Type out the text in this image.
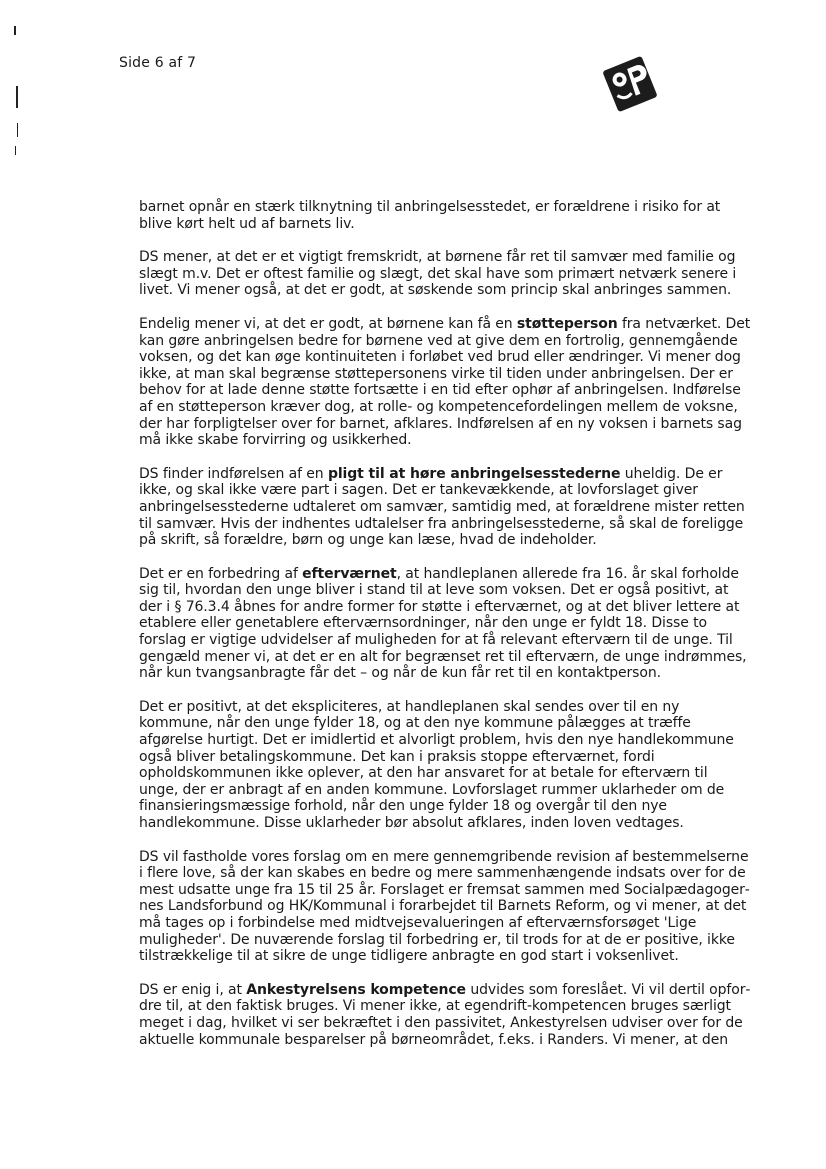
Side 6 af 7

barnet opnår en stærk tilknytning til anbringelsesstedet, er forældrene i risiko for at blive kørt helt ud af barnets liv.

DS mener, at det er et vigtigt fremskridt, at børnene får ret til samvær med familie og slægt m.v. Det er oftest familie og slægt, det skal have som primært netværk senere i livet. Vi mener også, at det er godt, at søskende som princip skal anbringes sammen.

Endelig mener vi, at det er godt, at børnene kan få en støtteperson fra netværket. Det kan gøre anbringelsen bedre for børnene ved at give dem en fortrolig, gennemgående voksen, og det kan øge kontinuiteten i forløbet ved brud eller ændringer. Vi mener dog ikke, at man skal begrænse støttepersonens virke til tiden under anbringelsen. Der er behov for at lade denne støtte fortsætte i en tid efter ophør af anbringelsen. Indførelse af en støtteperson kræver dog, at rolle- og kompetencefordelingen mellem de voksne, der har forpligtelser over for barnet, afklares. Indførelsen af en ny voksen i barnets sag må ikke skabe forvirring og usikkerhed.

DS finder indførelsen af en pligt til at høre anbringelsesstederne uheldig. De er ikke, og skal ikke være part i sagen. Det er tankevækkende, at lovforslaget giver anbringelsesstederne udtaleret om samvær, samtidig med, at forældrene mister retten til samvær. Hvis der indhentes udtalelser fra anbringelsesstederne, så skal de foreligge på skrift, så forældre, børn og unge kan læse, hvad de indeholder.

Det er en forbedring af efterværnet, at handleplanen allerede fra 16. år skal forholde sig til, hvordan den unge bliver i stand til at leve som voksen. Det er også positivt, at der i § 76.3.4 åbnes for andre former for støtte i efterværnet, og at det bliver lettere at etablere eller genetablere efterværnsordninger, når den unge er fyldt 18. Disse to forslag er vigtige udvidelser af muligheden for at få relevant efterværn til de unge. Til gengæld mener vi, at det er en alt for begrænset ret til efterværn, de unge indrømmes, når kun tvangsanbragte får det – og når de kun får ret til en kontaktperson.

Det er positivt, at det ekspliciteres, at handleplanen skal sendes over til en ny kommune, når den unge fylder 18, og at den nye kommune pålægges at træffe afgørelse hurtigt. Det er imidlertid et alvorligt problem, hvis den nye handlekommune også bliver betalingskommune. Det kan i praksis stoppe efterværnet, fordi opholdskommunen ikke oplever, at den har ansvaret for at betale for efterværn til unge, der er anbragt af en anden kommune. Lovforslaget rummer uklarheder om de finansieringsmæssige forhold, når den unge fylder 18 og overgår til den nye handlekommune. Disse uklarheder bør absolut afklares, inden loven vedtages.

DS vil fastholde vores forslag om en mere gennemgribende revision af bestemmelserne i flere love, så der kan skabes en bedre og mere sammenhængende indsats over for de mest udsatte unge fra 15 til 25 år. Forslaget er fremsat sammen med Socialpædagogernes Landsforbund og HK/Kommunal i forarbejdet til Barnets Reform, og vi mener, at det må tages op i forbindelse med midtvejsevalueringen af efterværnsforsøget 'Lige muligheder'. De nuværende forslag til forbedring er, til trods for at de er positive, ikke tilstrækkelige til at sikre de unge tidligere anbragte en god start i voksenlivet.

DS er enig i, at Ankestyrelsens kompetence udvides som foreslået. Vi vil dertil opfordre til, at den faktisk bruges. Vi mener ikke, at egendrift-kompetencen bruges særligt meget i dag, hvilket vi ser bekræftet i den passivitet, Ankestyrelsen udviser over for de aktuelle kommunale besparelser på børneområdet, f.eks. i Randers. Vi mener, at den
